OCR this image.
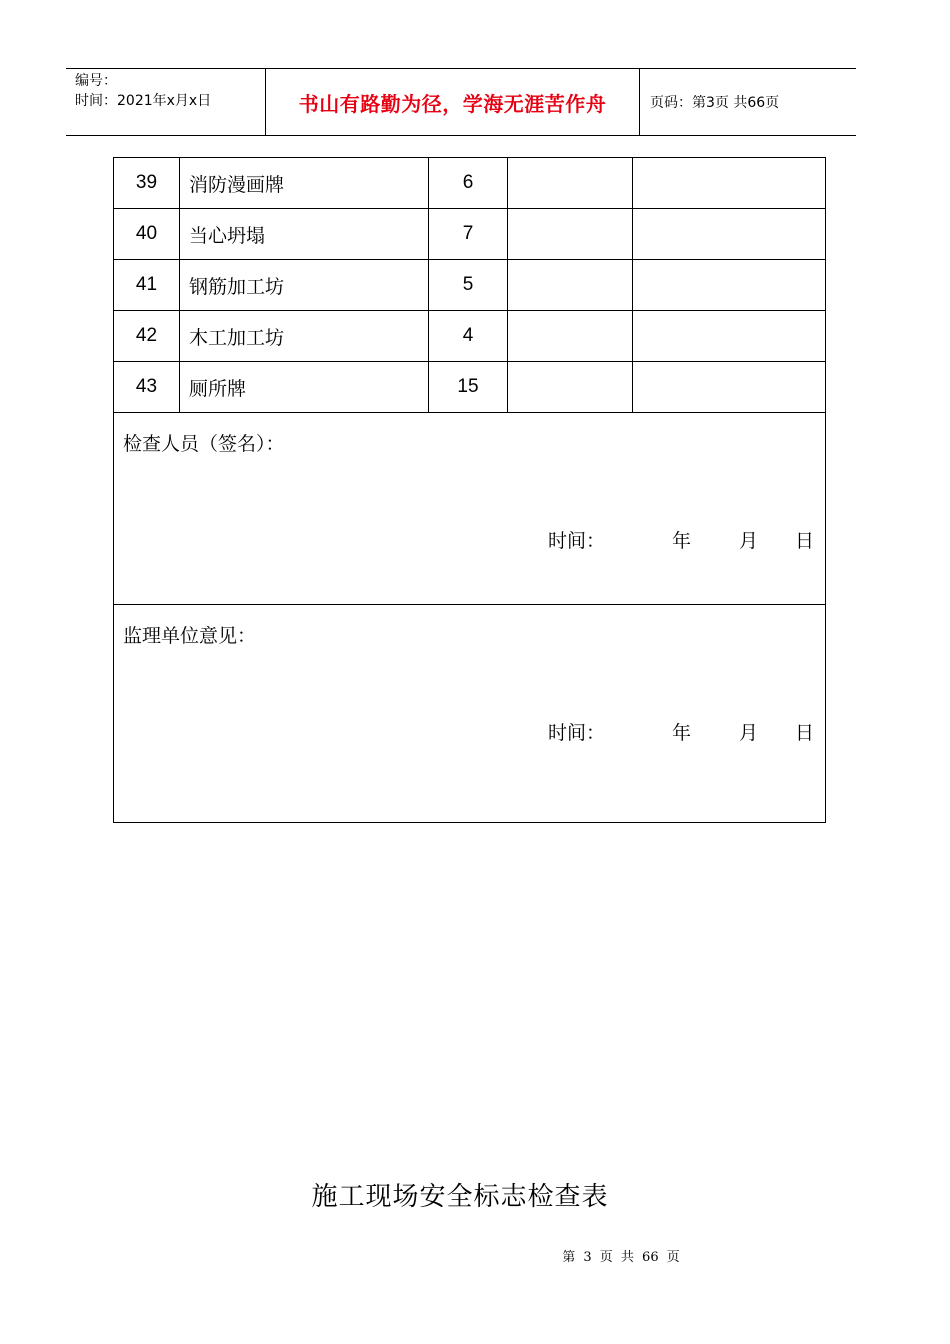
编号：
时间：2021年x月x日	书山有路勤为径，学海无涯苦作舟	页码：第3页 共66页
39	消防漫画牌	6		
40	当心坍塌	7		
41	钢筋加工坊	5		
42	木工加工坊	4		
43	厕所牌	15		

检查人员（签名）：
时间： 年 月 日				

监理单位意见：
时间： 年 月 日				
施工现场安全标志检查表
第 3 页 共 66 页
